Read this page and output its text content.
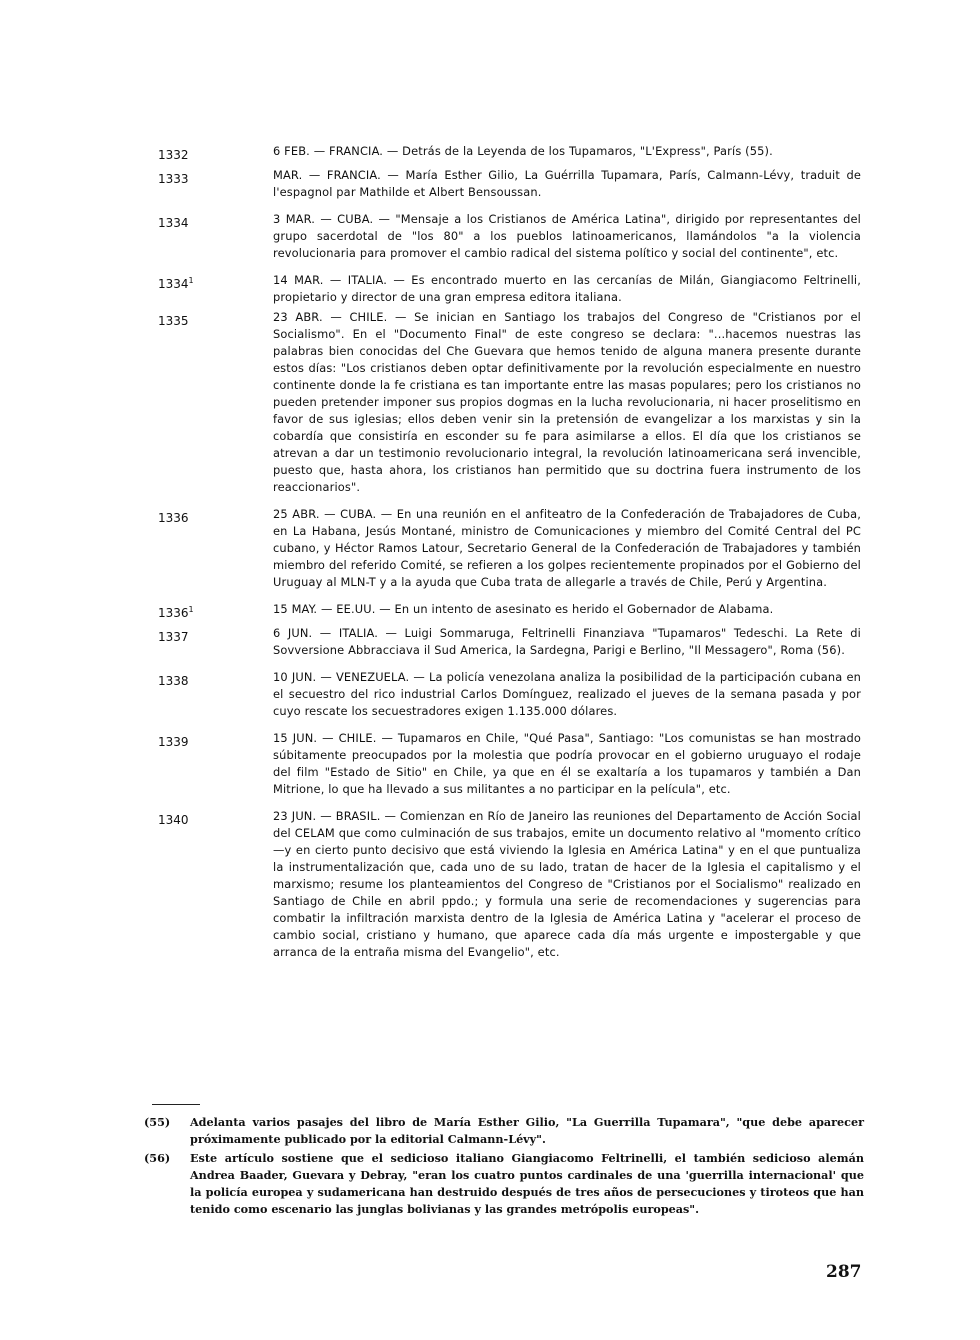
1332	6 FEB. — FRANCIA. — Detrás de la Leyenda de los Tupamaros, "L'Express", París (55).
1333	MAR. — FRANCIA. — María Esther Gilio, La Guérrilla Tupamara, París, Calmann-Lévy, traduit de l'espagnol par Mathilde et Albert Bensoussan.
1334	3 MAR. — CUBA. — "Mensaje a los Cristianos de América Latina", dirigido por representantes del grupo sacerdotal de "los 80" a los pueblos latinoamericanos, llamándolos "a la violencia revolucionaria para promover el cambio radical del sistema político y social del continente", etc.
1334$^1$	14 MAR. — ITALIA. — Es encontrado muerto en las cercanías de Milán, Giangiacomo Feltrinelli, propietario y director de una gran empresa editora italiana.
1335	23 ABR. — CHILE. — Se inician en Santiago los trabajos del Congreso de "Cristianos por el Socialismo". En el "Documento Final" de este congreso se declara: "...hacemos nuestras las palabras bien conocidas del Che Guevara que hemos tenido de alguna manera presente durante estos días: "Los cristianos deben optar definitivamente por la revolución especialmente en nuestro continente donde la fe cristiana es tan importante entre las masas populares; pero los cristianos no pueden pretender imponer sus propios dogmas en la lucha revolucionaria, ni hacer proselitismo en favor de sus iglesias; ellos deben venir sin la pretensión de evangelizar a los marxistas y sin la cobardía que consistiría en esconder su fe para asimilarse a ellos. El día que los cristianos se atrevan a dar un testimonio revolucionario integral, la revolución latinoamericana será invencible, puesto que, hasta ahora, los cristianos han permitido que su doctrina fuera instrumento de los reaccionarios".
1336	25 ABR. — CUBA. — En una reunión en el anfiteatro de la Confederación de Trabajadores de Cuba, en La Habana, Jesús Montané, ministro de Comunicaciones y miembro del Comité Central del PC cubano, y Héctor Ramos Latour, Secretario General de la Confederación de Trabajadores y también miembro del referido Comité, se refieren a los golpes recientemente propinados por el Gobierno del Uruguay al MLN-T y a la ayuda que Cuba trata de allegarle a través de Chile, Perú y Argentina.
1336$^1$	15 MAY. — EE.UU. — En un intento de asesinato es herido el Gobernador de Alabama.
1337	6 JUN. — ITALIA. — Luigi Sommaruga, Feltrinelli Finanziava "Tupamaros" Tedeschi. La Rete di Sovversione Abbracciava il Sud America, la Sardegna, Parigi e Berlino, "Il Messagero", Roma (56).
1338	10 JUN. — VENEZUELA. — La policía venezolana analiza la posibilidad de la participación cubana en el secuestro del rico industrial Carlos Domínguez, realizado el jueves de la semana pasada y por cuyo rescate los secuestradores exigen 1.135.000 dólares.
1339	15 JUN. — CHILE. — Tupamaros en Chile, "Qué Pasa", Santiago: "Los comunistas se han mostrado súbitamente preocupados por la molestia que podría provocar en el gobierno uruguayo el rodaje del film "Estado de Sitio" en Chile, ya que en él se exaltaría a los tupamaros y también a Dan Mitrione, lo que ha llevado a sus militantes a no participar en la película", etc.
1340	23 JUN. — BRASIL. — Comienzan en Río de Janeiro las reuniones del Departamento de Acción Social del CELAM que como culminación de sus trabajos, emite un documento relativo al "momento crítico —y en cierto punto decisivo que está viviendo la Iglesia en América Latina" y en el que puntualiza la instrumentalización que, cada uno de su lado, tratan de hacer de la Iglesia el capitalismo y el marxismo; resume los planteamientos del Congreso de "Cristianos por el Socialismo" realizado en Santiago de Chile en abril ppdo.; y formula una serie de recomendaciones y sugerencias para combatir la infiltración marxista dentro de la Iglesia de América Latina y "acelerar el proceso de cambio social, cristiano y humano, que aparece cada día más urgente e impostergable y que arranca de la entraña misma del Evangelio", etc.
(55)	Adelanta varios pasajes del libro de María Esther Gilio, "La Guerrilla Tupamara", "que debe aparecer próximamente publicado por la editorial Calmann-Lévy".
(56)	Este artículo sostiene que el sedicioso italiano Giangiacomo Feltrinelli, el también sedicioso alemán Andrea Baader, Guevara y Debray, "eran los cuatro puntos cardinales de una 'guerrilla internacional' que la policía europea y sudamericana han destruido después de tres años de persecuciones y tiroteos que han tenido como escenario las junglas bolivianas y las grandes metrópolis europeas".
287
